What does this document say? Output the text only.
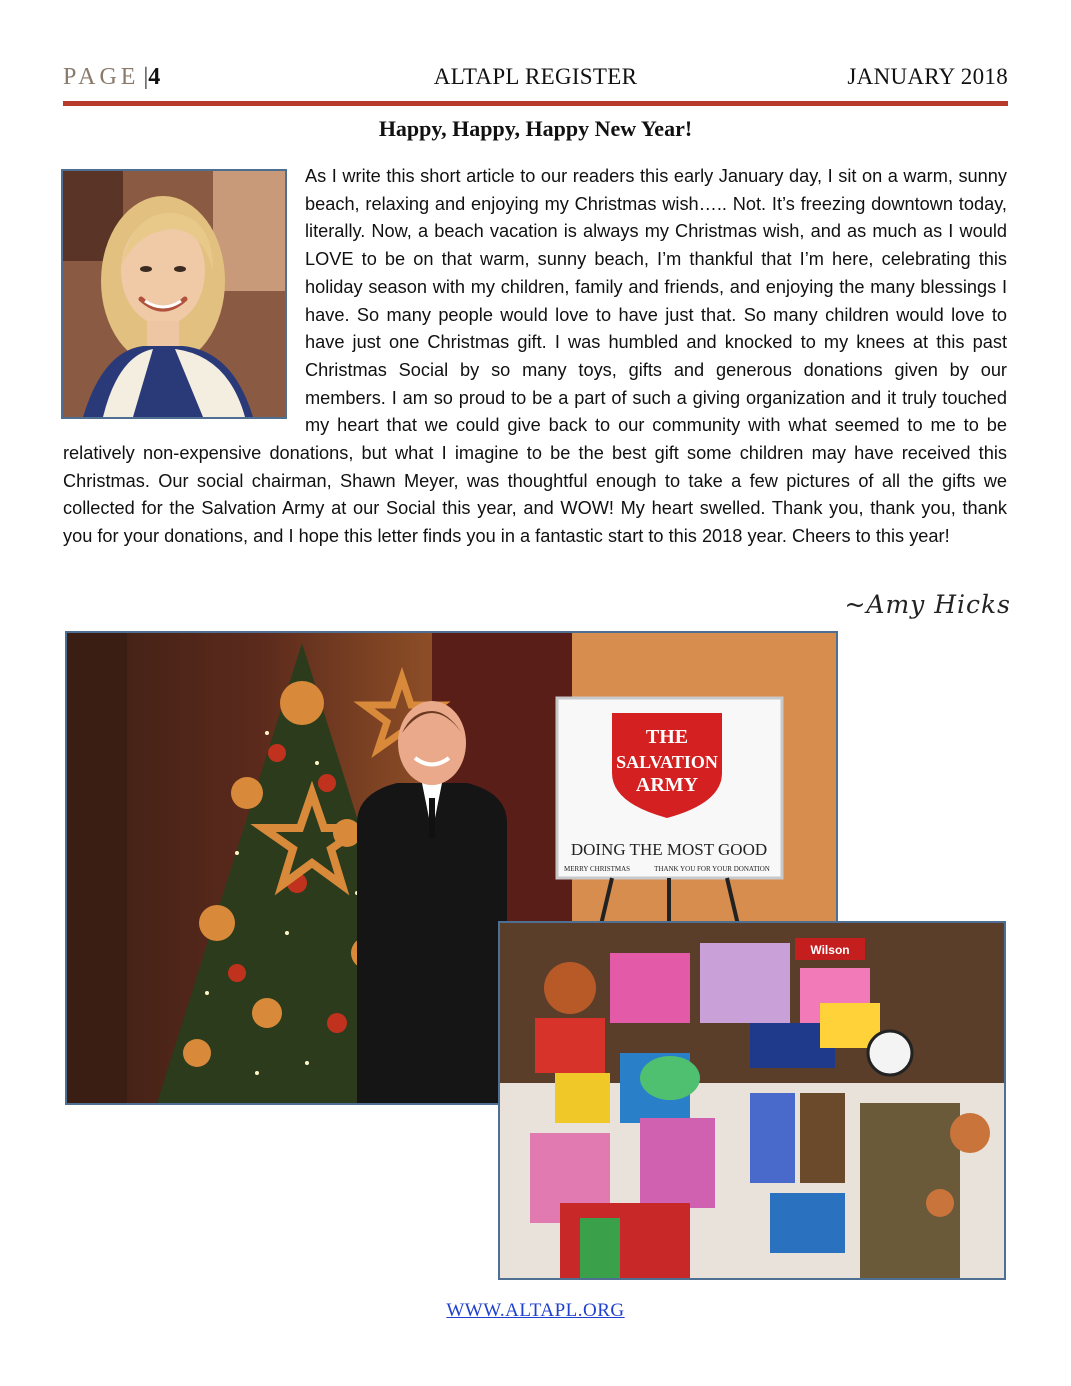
PAGE |4	ALTAPL REGISTER	JANUARY 2018
Happy, Happy, Happy New Year!
As I write this short article to our readers this early January day, I sit on a warm, sunny beach, relaxing and enjoying my Christmas wish….. Not. It’s freezing downtown today, literally. Now, a beach vacation is always my Christmas wish, and as much as I would LOVE to be on that warm, sunny beach, I’m thankful that I’m here, celebrating this holiday season with my children, family and friends, and enjoying the many blessings I have. So many people would love to have just that. So many children would love to have just one Christmas gift. I was humbled and knocked to my knees at this past Christmas Social by so many toys, gifts and generous donations given by our members. I am so proud to be a part of such a giving organization and it truly touched my heart that we could give back to our community with what seemed to me to be relatively non-expensive donations, but what I imagine to be the best gift some children may have received this Christmas. Our social chairman, Shawn Meyer, was thoughtful enough to take a few pictures of all the gifts we collected for the Salvation Army at our Social this year, and WOW! My heart swelled. Thank you, thank you, thank you for your donations, and I hope this letter finds you in a fantastic start to this 2018 year. Cheers to this year!
~Amy Hicks
THE
SALVATION
ARMY
DOING THE MOST GOOD
MERRY CHRISTMAS	THANK YOU FOR YOUR DONATION
Wilson
WWW.ALTAPL.ORG
